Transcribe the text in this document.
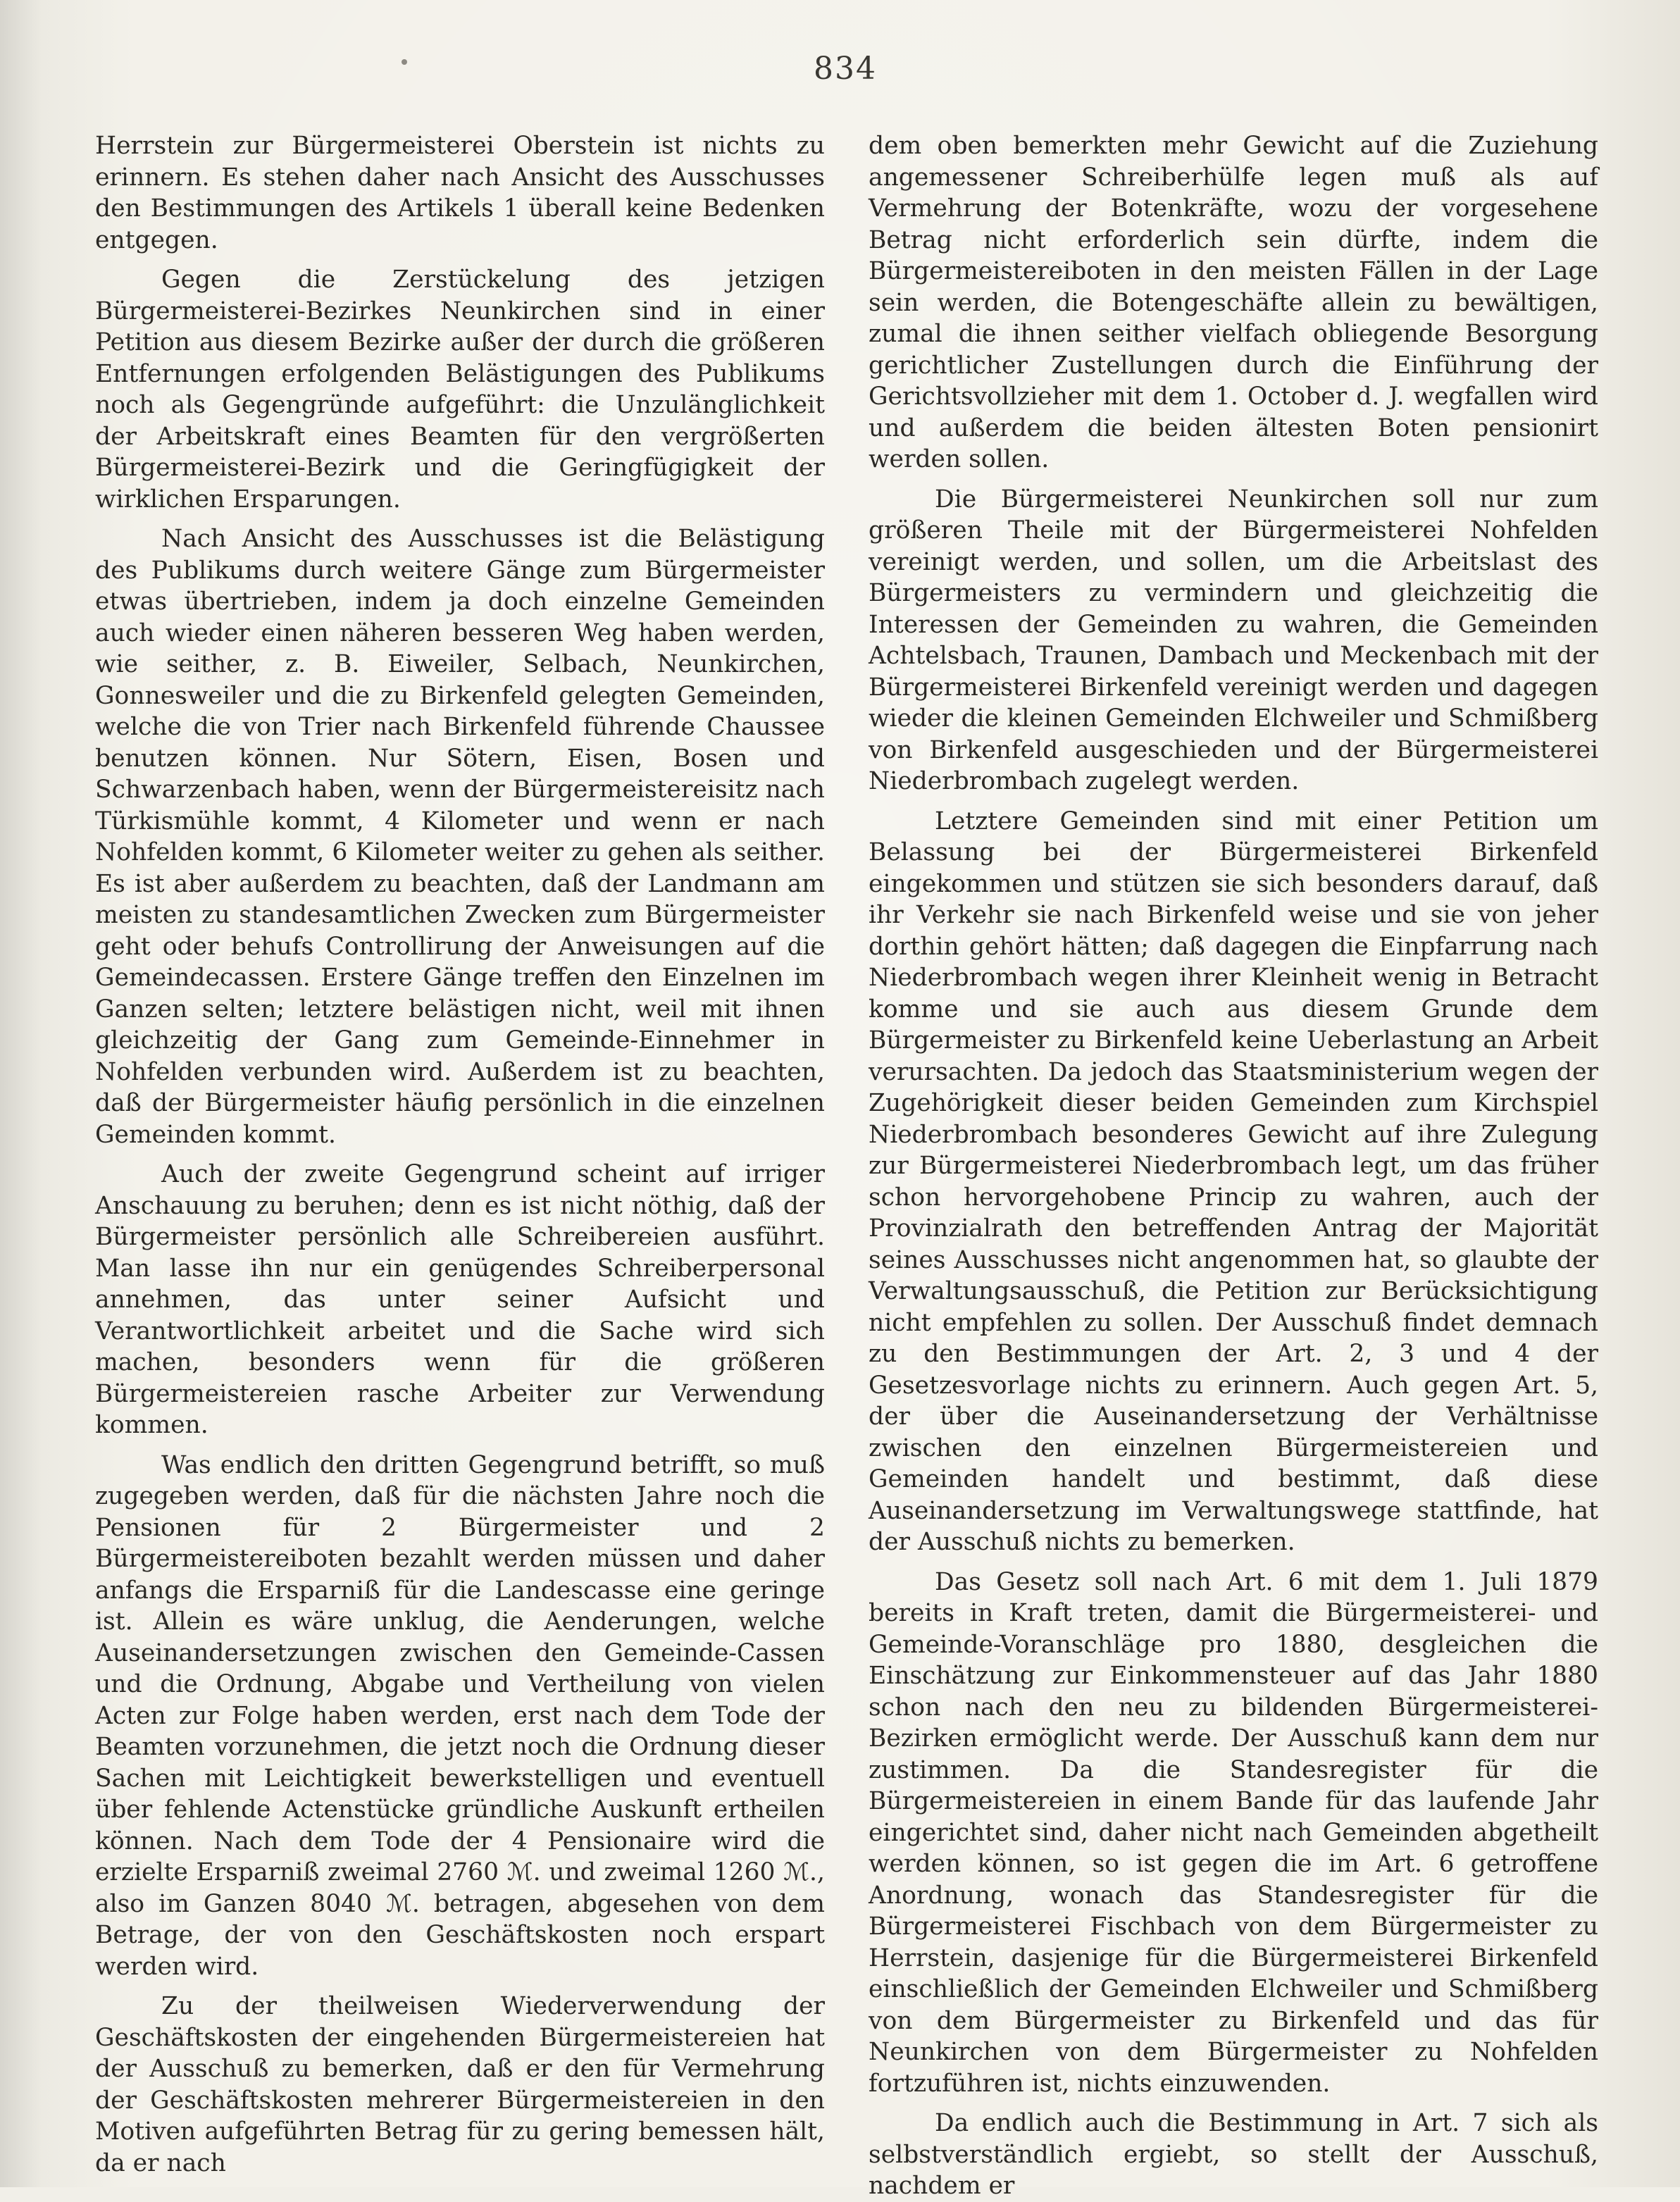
834

Herrstein zur Bürgermeisterei Oberstein ist nichts zu erinnern. Es stehen daher nach Ansicht des Ausschusses den Bestimmungen des Artikels 1 überall keine Bedenken entgegen.

Gegen die Zerstückelung des jetzigen Bürgermeisterei-Bezirkes Neunkirchen sind in einer Petition aus diesem Bezirke außer der durch die größeren Entfernungen erfolgenden Belästigungen des Publikums noch als Gegengründe aufgeführt: die Unzulänglichkeit der Arbeitskraft eines Beamten für den vergrößerten Bürgermeisterei-Bezirk und die Geringfügigkeit der wirklichen Ersparungen.

Nach Ansicht des Ausschusses ist die Belästigung des Publikums durch weitere Gänge zum Bürgermeister etwas übertrieben, indem ja doch einzelne Gemeinden auch wieder einen näheren besseren Weg haben werden, wie seither, z. B. Eiweiler, Selbach, Neunkirchen, Gonnesweiler und die zu Birkenfeld gelegten Gemeinden, welche die von Trier nach Birkenfeld führende Chaussee benutzen können. Nur Sötern, Eisen, Bosen und Schwarzenbach haben, wenn der Bürgermeistereisitz nach Türkismühle kommt, 4 Kilometer und wenn er nach Nohfelden kommt, 6 Kilometer weiter zu gehen als seither. Es ist aber außerdem zu beachten, daß der Landmann am meisten zu standesamtlichen Zwecken zum Bürgermeister geht oder behufs Controllirung der Anweisungen auf die Gemeindecassen. Erstere Gänge treffen den Einzelnen im Ganzen selten; letztere belästigen nicht, weil mit ihnen gleichzeitig der Gang zum Gemeinde-Einnehmer in Nohfelden verbunden wird. Außerdem ist zu beachten, daß der Bürgermeister häufig persönlich in die einzelnen Gemeinden kommt.

Auch der zweite Gegengrund scheint auf irriger Anschauung zu beruhen; denn es ist nicht nöthig, daß der Bürgermeister persönlich alle Schreibereien ausführt. Man lasse ihn nur ein genügendes Schreiberpersonal annehmen, das unter seiner Aufsicht und Verantwortlichkeit arbeitet und die Sache wird sich machen, besonders wenn für die größeren Bürgermeistereien rasche Arbeiter zur Verwendung kommen.

Was endlich den dritten Gegengrund betrifft, so muß zugegeben werden, daß für die nächsten Jahre noch die Pensionen für 2 Bürgermeister und 2 Bürgermeistereiboten bezahlt werden müssen und daher anfangs die Ersparniß für die Landescasse eine geringe ist. Allein es wäre unklug, die Aenderungen, welche Auseinandersetzungen zwischen den Gemeinde-Cassen und die Ordnung, Abgabe und Vertheilung von vielen Acten zur Folge haben werden, erst nach dem Tode der Beamten vorzunehmen, die jetzt noch die Ordnung dieser Sachen mit Leichtigkeit bewerkstelligen und eventuell über fehlende Actenstücke gründliche Auskunft ertheilen können. Nach dem Tode der 4 Pensionaire wird die erzielte Ersparniß zweimal 2760 ℳ. und zweimal 1260 ℳ., also im Ganzen 8040 ℳ. betragen, abgesehen von dem Betrage, der von den Geschäftskosten noch erspart werden wird.

Zu der theilweisen Wiederverwendung der Geschäftskosten der eingehenden Bürgermeistereien hat der Ausschuß zu bemerken, daß er den für Vermehrung der Geschäftskosten mehrerer Bürgermeistereien in den Motiven aufgeführten Betrag für zu gering bemessen hält, da er nach

dem oben bemerkten mehr Gewicht auf die Zuziehung angemessener Schreiberhülfe legen muß als auf Vermehrung der Botenkräfte, wozu der vorgesehene Betrag nicht erforderlich sein dürfte, indem die Bürgermeistereiboten in den meisten Fällen in der Lage sein werden, die Botengeschäfte allein zu bewältigen, zumal die ihnen seither vielfach obliegende Besorgung gerichtlicher Zustellungen durch die Einführung der Gerichtsvollzieher mit dem 1. October d. J. wegfallen wird und außerdem die beiden ältesten Boten pensionirt werden sollen.

Die Bürgermeisterei Neunkirchen soll nur zum größeren Theile mit der Bürgermeisterei Nohfelden vereinigt werden, und sollen, um die Arbeitslast des Bürgermeisters zu vermindern und gleichzeitig die Interessen der Gemeinden zu wahren, die Gemeinden Achtelsbach, Traunen, Dambach und Meckenbach mit der Bürgermeisterei Birkenfeld vereinigt werden und dagegen wieder die kleinen Gemeinden Elchweiler und Schmißberg von Birkenfeld ausgeschieden und der Bürgermeisterei Niederbrombach zugelegt werden.

Letztere Gemeinden sind mit einer Petition um Belassung bei der Bürgermeisterei Birkenfeld eingekommen und stützen sie sich besonders darauf, daß ihr Verkehr sie nach Birkenfeld weise und sie von jeher dorthin gehört hätten; daß dagegen die Einpfarrung nach Niederbrombach wegen ihrer Kleinheit wenig in Betracht komme und sie auch aus diesem Grunde dem Bürgermeister zu Birkenfeld keine Ueberlastung an Arbeit verursachten. Da jedoch das Staatsministerium wegen der Zugehörigkeit dieser beiden Gemeinden zum Kirchspiel Niederbrombach besonderes Gewicht auf ihre Zulegung zur Bürgermeisterei Niederbrombach legt, um das früher schon hervorgehobene Princip zu wahren, auch der Provinzialrath den betreffenden Antrag der Majorität seines Ausschusses nicht angenommen hat, so glaubte der Verwaltungsausschuß, die Petition zur Berücksichtigung nicht empfehlen zu sollen. Der Ausschuß findet demnach zu den Bestimmungen der Art. 2, 3 und 4 der Gesetzesvorlage nichts zu erinnern. Auch gegen Art. 5, der über die Auseinandersetzung der Verhältnisse zwischen den einzelnen Bürgermeistereien und Gemeinden handelt und bestimmt, daß diese Auseinandersetzung im Verwaltungswege stattfinde, hat der Ausschuß nichts zu bemerken.

Das Gesetz soll nach Art. 6 mit dem 1. Juli 1879 bereits in Kraft treten, damit die Bürgermeisterei- und Gemeinde-Voranschläge pro 1880, desgleichen die Einschätzung zur Einkommensteuer auf das Jahr 1880 schon nach den neu zu bildenden Bürgermeisterei-Bezirken ermöglicht werde. Der Ausschuß kann dem nur zustimmen. Da die Standesregister für die Bürgermeistereien in einem Bande für das laufende Jahr eingerichtet sind, daher nicht nach Gemeinden abgetheilt werden können, so ist gegen die im Art. 6 getroffene Anordnung, wonach das Standesregister für die Bürgermeisterei Fischbach von dem Bürgermeister zu Herrstein, dasjenige für die Bürgermeisterei Birkenfeld einschließlich der Gemeinden Elchweiler und Schmißberg von dem Bürgermeister zu Birkenfeld und das für Neunkirchen von dem Bürgermeister zu Nohfelden fortzuführen ist, nichts einzuwenden.

Da endlich auch die Bestimmung in Art. 7 sich als selbstverständlich ergiebt, so stellt der Ausschuß, nachdem er
